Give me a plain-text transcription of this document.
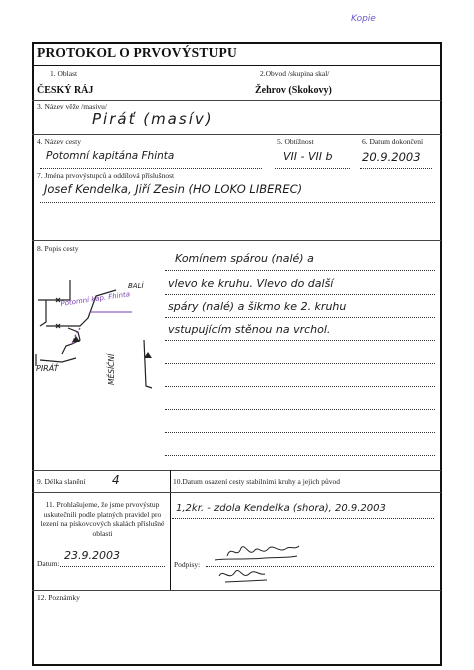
Kopie
PROTOKOL O PRVOVÝSTUPU
1. Oblast	2.Obvod /skupina skal/
ČESKÝ RÁJ	Žehrov (Skokovy)
3. Název věže /masivu/
Piráť (masív)
4. Název cesty	5. Obtížnost	6. Datum dokončení
Potomní kapitána Fhinta	VII - VII b	20.9.2003
7. Jména prvovýstupců a oddílová příslušnost
Josef Kendelka, Jiří Zesin (HO LOKO LIBEREC)
8. Popis cesty
Komínem spárou (nalé) a
vlevo ke kruhu. Vlevo do další
spáry (nalé) a šikmo ke 2. kruhu
vstupujícím stěnou na vrchol.
BALÍ
Potomní kap. Fhinta
PIRÁŤ	MĚSÍČNÍ
9. Délka slanění 4	10.Datum osazení cesty stabilními kruhy a jejich původ
11. Prohlašujeme, že jsme prvovýstup uskutečnili podle platných pravidel pro lezení na pískovcových skalách příslušné oblasti
1,2kr. - zdola Kendelka (shora), 20.9.2003
Datum:
23.9.2003
Podpisy:
12. Poznámky
